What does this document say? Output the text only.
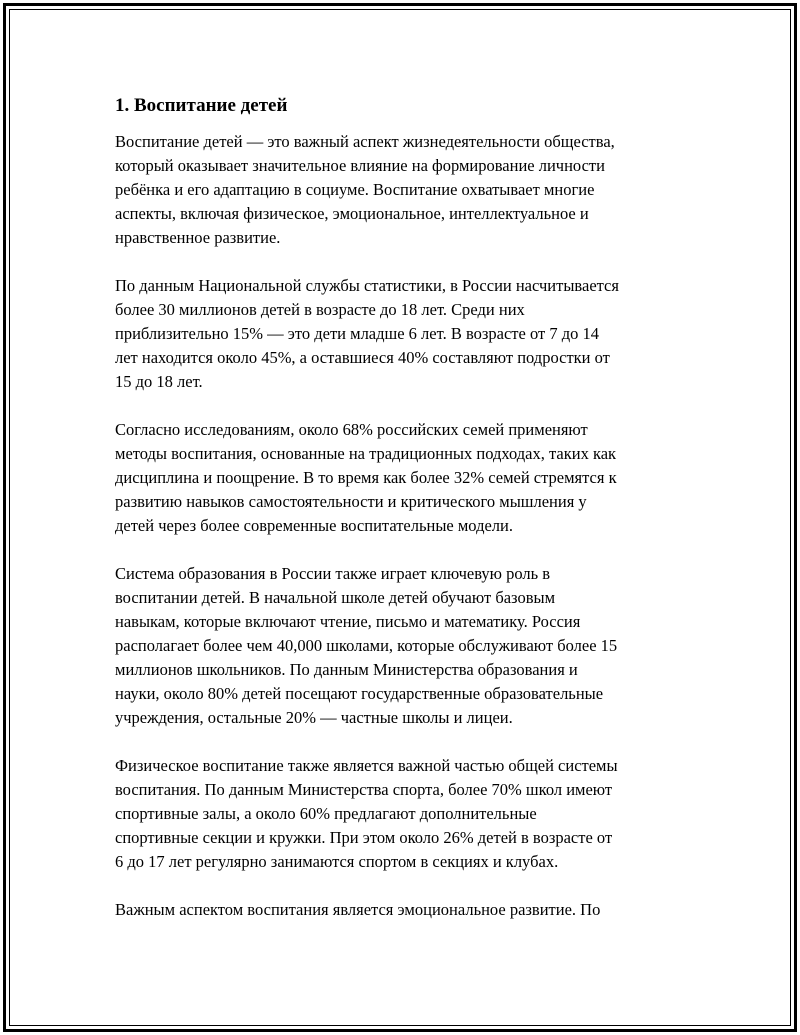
1. Воспитание детей

Воспитание детей — это важный аспект жизнедеятельности общества,
который оказывает значительное влияние на формирование личности
ребёнка и его адаптацию в социуме. Воспитание охватывает многие
аспекты, включая физическое, эмоциональное, интеллектуальное и
нравственное развитие.

По данным Национальной службы статистики, в России насчитывается
более 30 миллионов детей в возрасте до 18 лет. Среди них
приблизительно 15% — это дети младше 6 лет. В возрасте от 7 до 14
лет находится около 45%, а оставшиеся 40% составляют подростки от
15 до 18 лет.

Согласно исследованиям, около 68% российских семей применяют
методы воспитания, основанные на традиционных подходах, таких как
дисциплина и поощрение. В то время как более 32% семей стремятся к
развитию навыков самостоятельности и критического мышления у
детей через более современные воспитательные модели.

Система образования в России также играет ключевую роль в
воспитании детей. В начальной школе детей обучают базовым
навыкам, которые включают чтение, письмо и математику. Россия
располагает более чем 40,000 школами, которые обслуживают более 15
миллионов школьников. По данным Министерства образования и
науки, около 80% детей посещают государственные образовательные
учреждения, остальные 20% — частные школы и лицеи.

Физическое воспитание также является важной частью общей системы
воспитания. По данным Министерства спорта, более 70% школ имеют
спортивные залы, а около 60% предлагают дополнительные
спортивные секции и кружки. При этом около 26% детей в возрасте от
6 до 17 лет регулярно занимаются спортом в секциях и клубах.

Важным аспектом воспитания является эмоциональное развитие. По
